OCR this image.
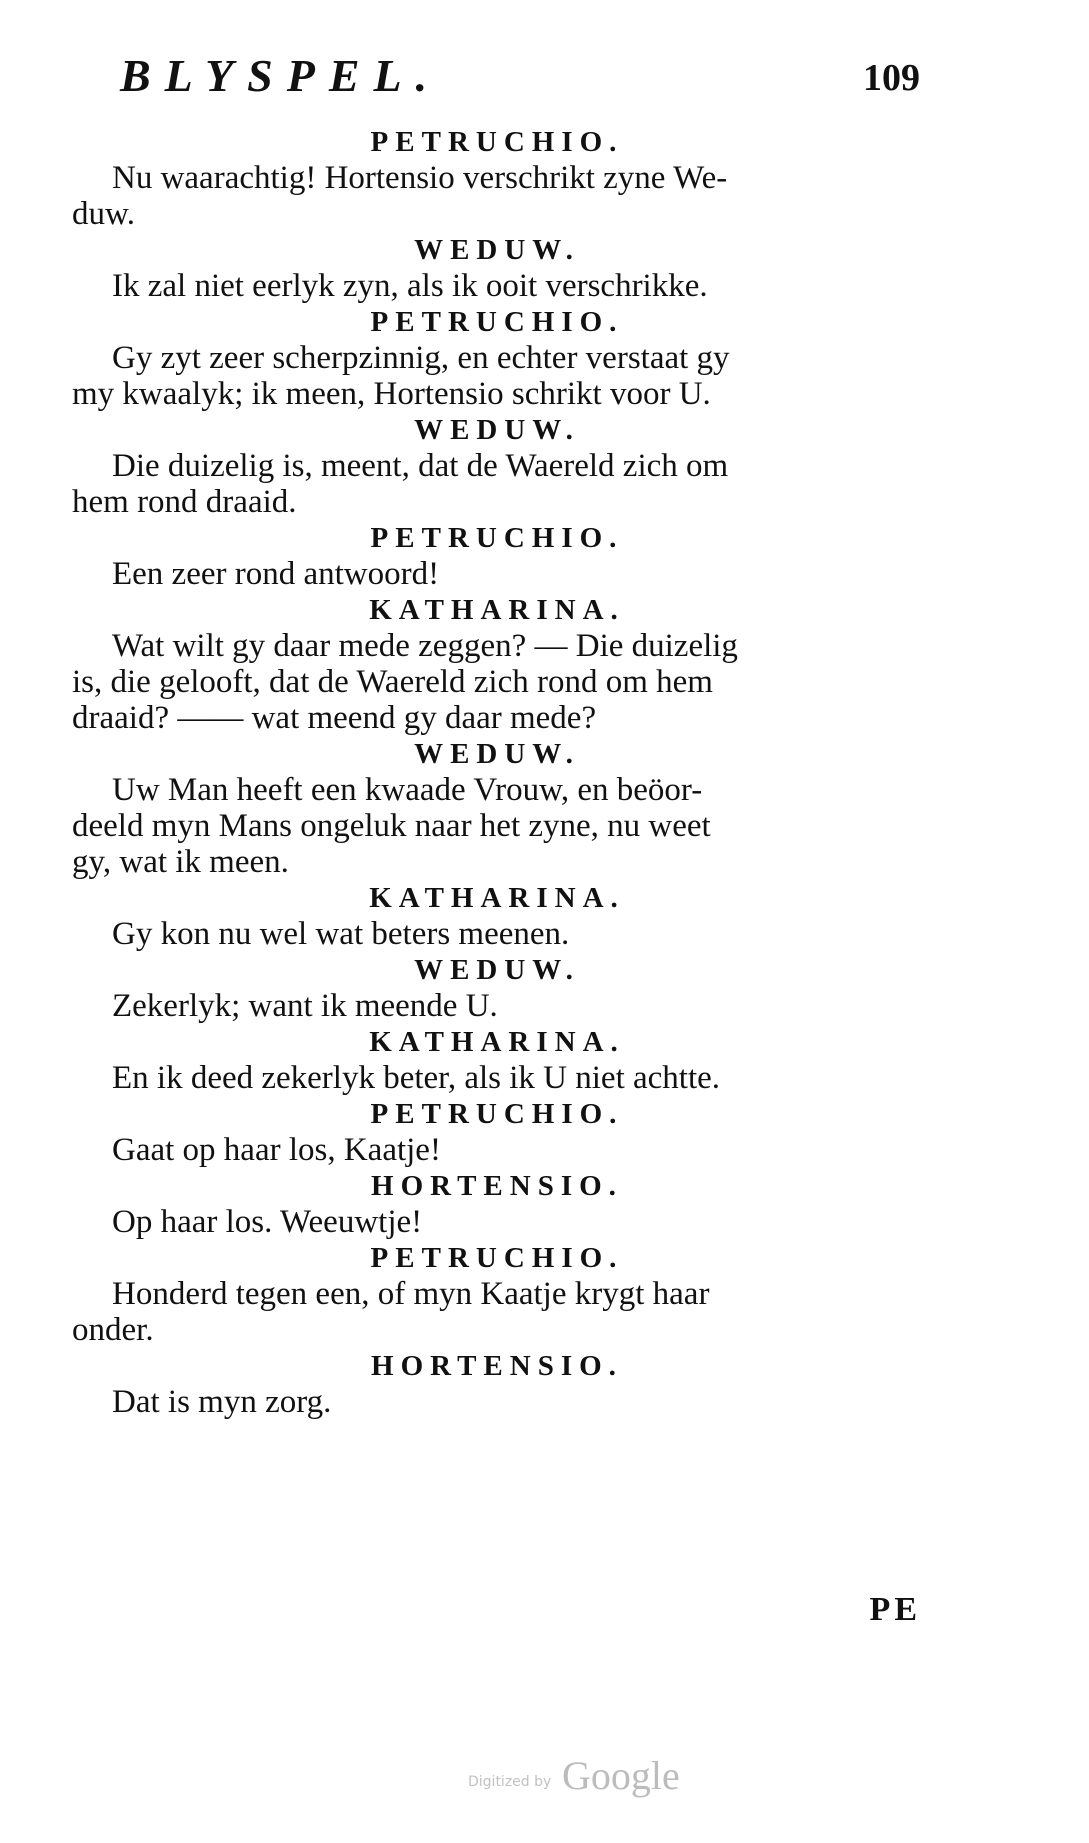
BLYSPEL.	109
PETRUCHIO.
Nu waarachtig! Hortensio verschrikt zyne We-
duw.
WEDUW.
Ik zal niet eerlyk zyn, als ik ooit verschrikke.
PETRUCHIO.
Gy zyt zeer scherpzinnig, en echter verstaat gy
my kwaalyk; ik meen, Hortensio schrikt voor U.
WEDUW.
Die duizelig is, meent, dat de Waereld zich om
hem rond draaid.
PETRUCHIO.
Een zeer rond antwoord!
KATHARINA.
Wat wilt gy daar mede zeggen? — Die duizelig
is, die gelooft, dat de Waereld zich rond om hem
draaid? —— wat meend gy daar mede?
WEDUW.
Uw Man heeft een kwaade Vrouw, en beöor-
deeld myn Mans ongeluk naar het zyne, nu weet
gy, wat ik meen.
KATHARINA.
Gy kon nu wel wat beters meenen.
WEDUW.
Zekerlyk; want ik meende U.
KATHARINA.
En ik deed zekerlyk beter, als ik U niet achtte.
PETRUCHIO.
Gaat op haar los, Kaatje!
HORTENSIO.
Op haar los. Weeuwtje!
PETRUCHIO.
Honderd tegen een, of myn Kaatje krygt haar
onder.
HORTENSIO.
Dat is myn zorg.
PE
Digitized by Google
